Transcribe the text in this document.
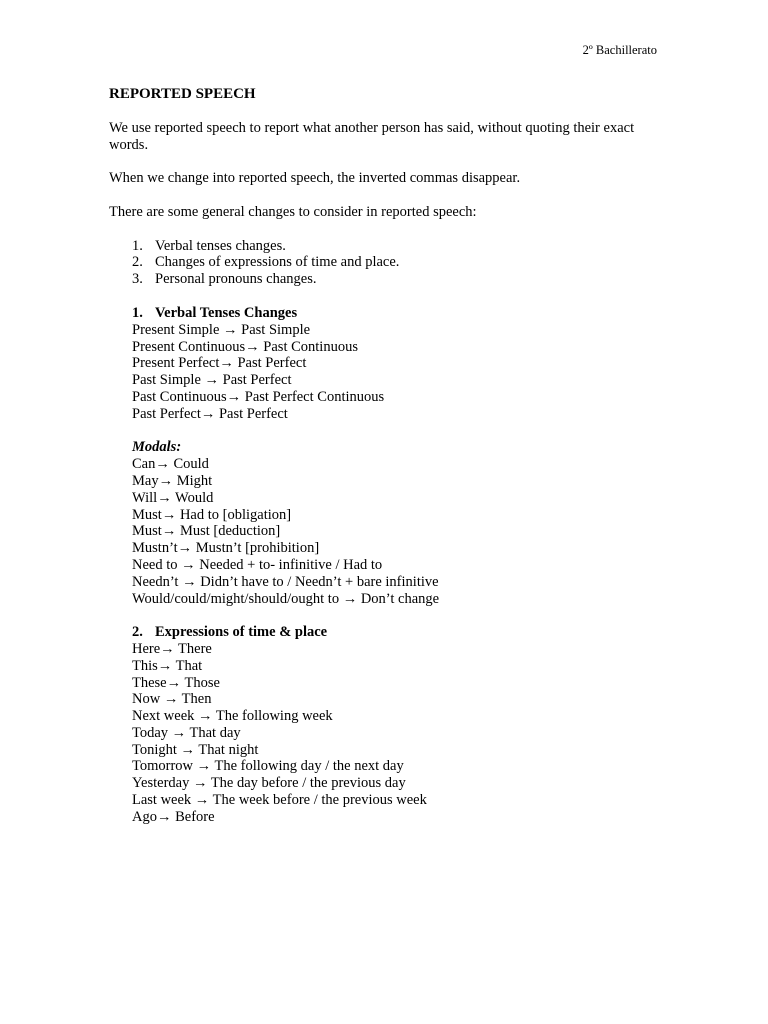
2º Bachillerato
REPORTED SPEECH

We use reported speech to report what another person has said, without quoting their exact words.

When we change into reported speech, the inverted commas disappear.

There are some general changes to consider in reported speech:

1. Verbal tenses changes.
2. Changes of expressions of time and place.
3. Personal pronouns changes.
1. Verbal Tenses Changes
Present Simple → Past Simple
Present Continuous→ Past Continuous
Present Perfect→ Past Perfect
Past Simple → Past Perfect
Past Continuous→ Past Perfect Continuous
Past Perfect→ Past Perfect
Modals:
Can→ Could
May→ Might
Will→ Would
Must→ Had to [obligation]
Must→ Must [deduction]
Mustn’t→ Mustn’t [prohibition]
Need to → Needed + to- infinitive / Had to
Needn’t → Didn’t have to / Needn’t + bare infinitive
Would/could/might/should/ought to → Don’t change
2. Expressions of time & place
Here→ There
This→ That
These→ Those
Now → Then
Next week → The following week
Today → That day
Tonight → That night
Tomorrow → The following day / the next day
Yesterday → The day before / the previous day
Last week → The week before / the previous week
Ago→ Before
